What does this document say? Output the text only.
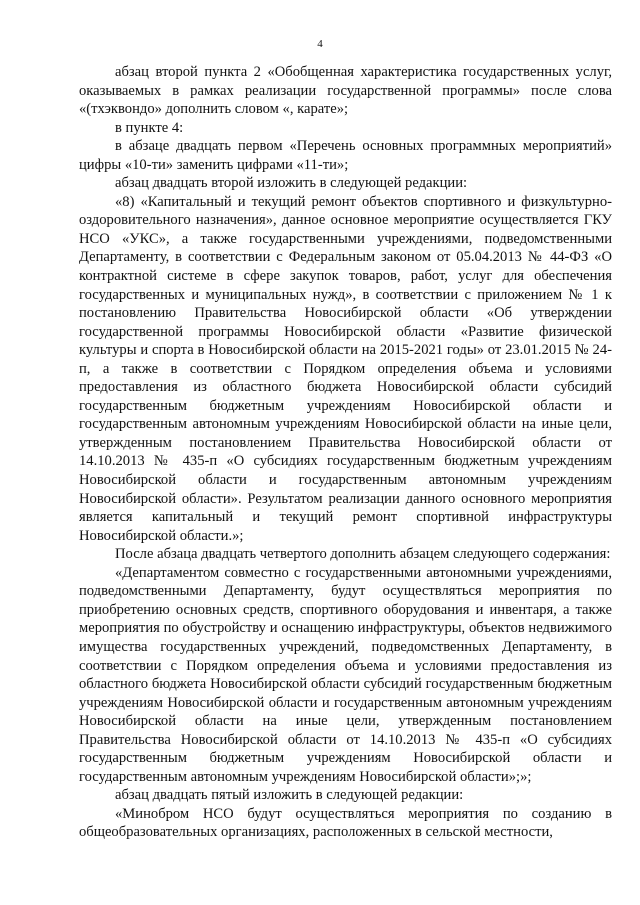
4

абзац второй пункта 2 «Обобщенная характеристика государственных услуг, оказываемых в рамках реализации государственной программы» после слова «(тхэквондо» дополнить словом «, карате»;

в пункте 4:

в абзаце двадцать первом «Перечень основных программных мероприятий» цифры «10-ти» заменить цифрами «11-ти»;

абзац двадцать второй изложить в следующей редакции:

«8) «Капитальный и текущий ремонт объектов спортивного и физкультурно-оздоровительного назначения», данное основное мероприятие осуществляется ГКУ НСО «УКС», а также государственными учреждениями, подведомственными Департаменту, в соответствии с Федеральным законом от 05.04.2013 № 44-ФЗ «О контрактной системе в сфере закупок товаров, работ, услуг для обеспечения государственных и муниципальных нужд», в соответствии с приложением № 1 к постановлению Правительства Новосибирской области «Об утверждении государственной программы Новосибирской области «Развитие физической культуры и спорта в Новосибирской области на 2015-2021 годы» от 23.01.2015 № 24-п, а также в соответствии с Порядком определения объема и условиями предоставления из областного бюджета Новосибирской области субсидий государственным бюджетным учреждениям Новосибирской области и государственным автономным учреждениям Новосибирской области на иные цели, утвержденным постановлением Правительства Новосибирской области от 14.10.2013 № 435-п «О субсидиях государственным бюджетным учреждениям Новосибирской области и государственным автономным учреждениям Новосибирской области». Результатом реализации данного основного мероприятия является капитальный и текущий ремонт спортивной инфраструктуры Новосибирской области.»;

После абзаца двадцать четвертого дополнить абзацем следующего содержания:

«Департаментом совместно с государственными автономными учреждениями, подведомственными Департаменту, будут осуществляться мероприятия по приобретению основных средств, спортивного оборудования и инвентаря, а также мероприятия по обустройству и оснащению инфраструктуры, объектов недвижимого имущества государственных учреждений, подведомственных Департаменту, в соответствии с Порядком определения объема и условиями предоставления из областного бюджета Новосибирской области субсидий государственным бюджетным учреждениям Новосибирской области и государственным автономным учреждениям Новосибирской области на иные цели, утвержденным постановлением Правительства Новосибирской области от 14.10.2013 № 435-п «О субсидиях государственным бюджетным учреждениям Новосибирской области и государственным автономным учреждениям Новосибирской области»;»;

абзац двадцать пятый изложить в следующей редакции:

«Минобром НСО будут осуществляться мероприятия по созданию в общеобразовательных организациях, расположенных в сельской местности,
